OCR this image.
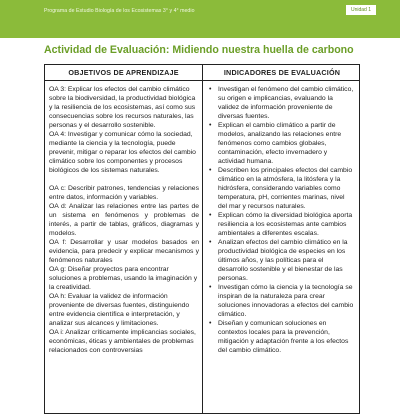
Programa de Estudio Biología de los Ecosistemas 3° y 4° medio	Unidad 1
Actividad de Evaluación: Midiendo nuestra huella de carbono
OBJETIVOS DE APRENDIZAJE	INDICADORES DE EVALUACIÓN

OA 3: Explicar los efectos del cambio climático sobre la biodiversidad, la productividad biológica y la resiliencia de los ecosistemas, así como sus consecuencias sobre los recursos naturales, las personas y el desarrollo sostenible.

OA 4: Investigar y comunicar cómo la sociedad, mediante la ciencia y la tecnología, puede prevenir, mitigar o reparar los efectos del cambio climático sobre los componentes y procesos biológicos de los sistemas naturales.

OA c: Describir patrones, tendencias y relaciones entre datos, información y variables.

OA d: Analizar las relaciones entre las partes de un sistema en fenómenos y problemas de interés, a partir de tablas, gráficos, diagramas y modelos.

OA f: Desarrollar y usar modelos basados en evidencia, para predecir y explicar mecanismos y fenómenos naturales

OA g: Diseñar proyectos para encontrar soluciones a problemas, usando la imaginación y la creatividad.

OA h: Evaluar la validez de información proveniente de diversas fuentes, distinguiendo entre evidencia científica e interpretación, y analizar sus alcances y limitaciones.

OA i: Analizar críticamente implicancias sociales, económicas, éticas y ambientales de problemas relacionados con controversias

• Investigan el fenómeno del cambio climático, su origen e implicancias, evaluando la validez de información proveniente de diversas fuentes.
• Explican el cambio climático a partir de modelos, analizando las relaciones entre fenómenos como cambios globales, contaminación, efecto invernadero y actividad humana.
• Describen los principales efectos del cambio climático en la atmósfera, la litósfera y la hidrósfera, considerando variables como temperatura, pH, corrientes marinas, nivel del mar y recursos naturales.
• Explican cómo la diversidad biológica aporta resiliencia a los ecosistemas ante cambios ambientales a diferentes escalas.
• Analizan efectos del cambio climático en la productividad biológica de especies en los últimos años, y las políticas para el desarrollo sostenible y el bienestar de las personas.
• Investigan cómo la ciencia y la tecnología se inspiran de la naturaleza para crear soluciones innovadoras a efectos del cambio climático.
• Diseñan y comunican soluciones en contextos locales para la prevención, mitigación y adaptación frente a los efectos del cambio climático.
